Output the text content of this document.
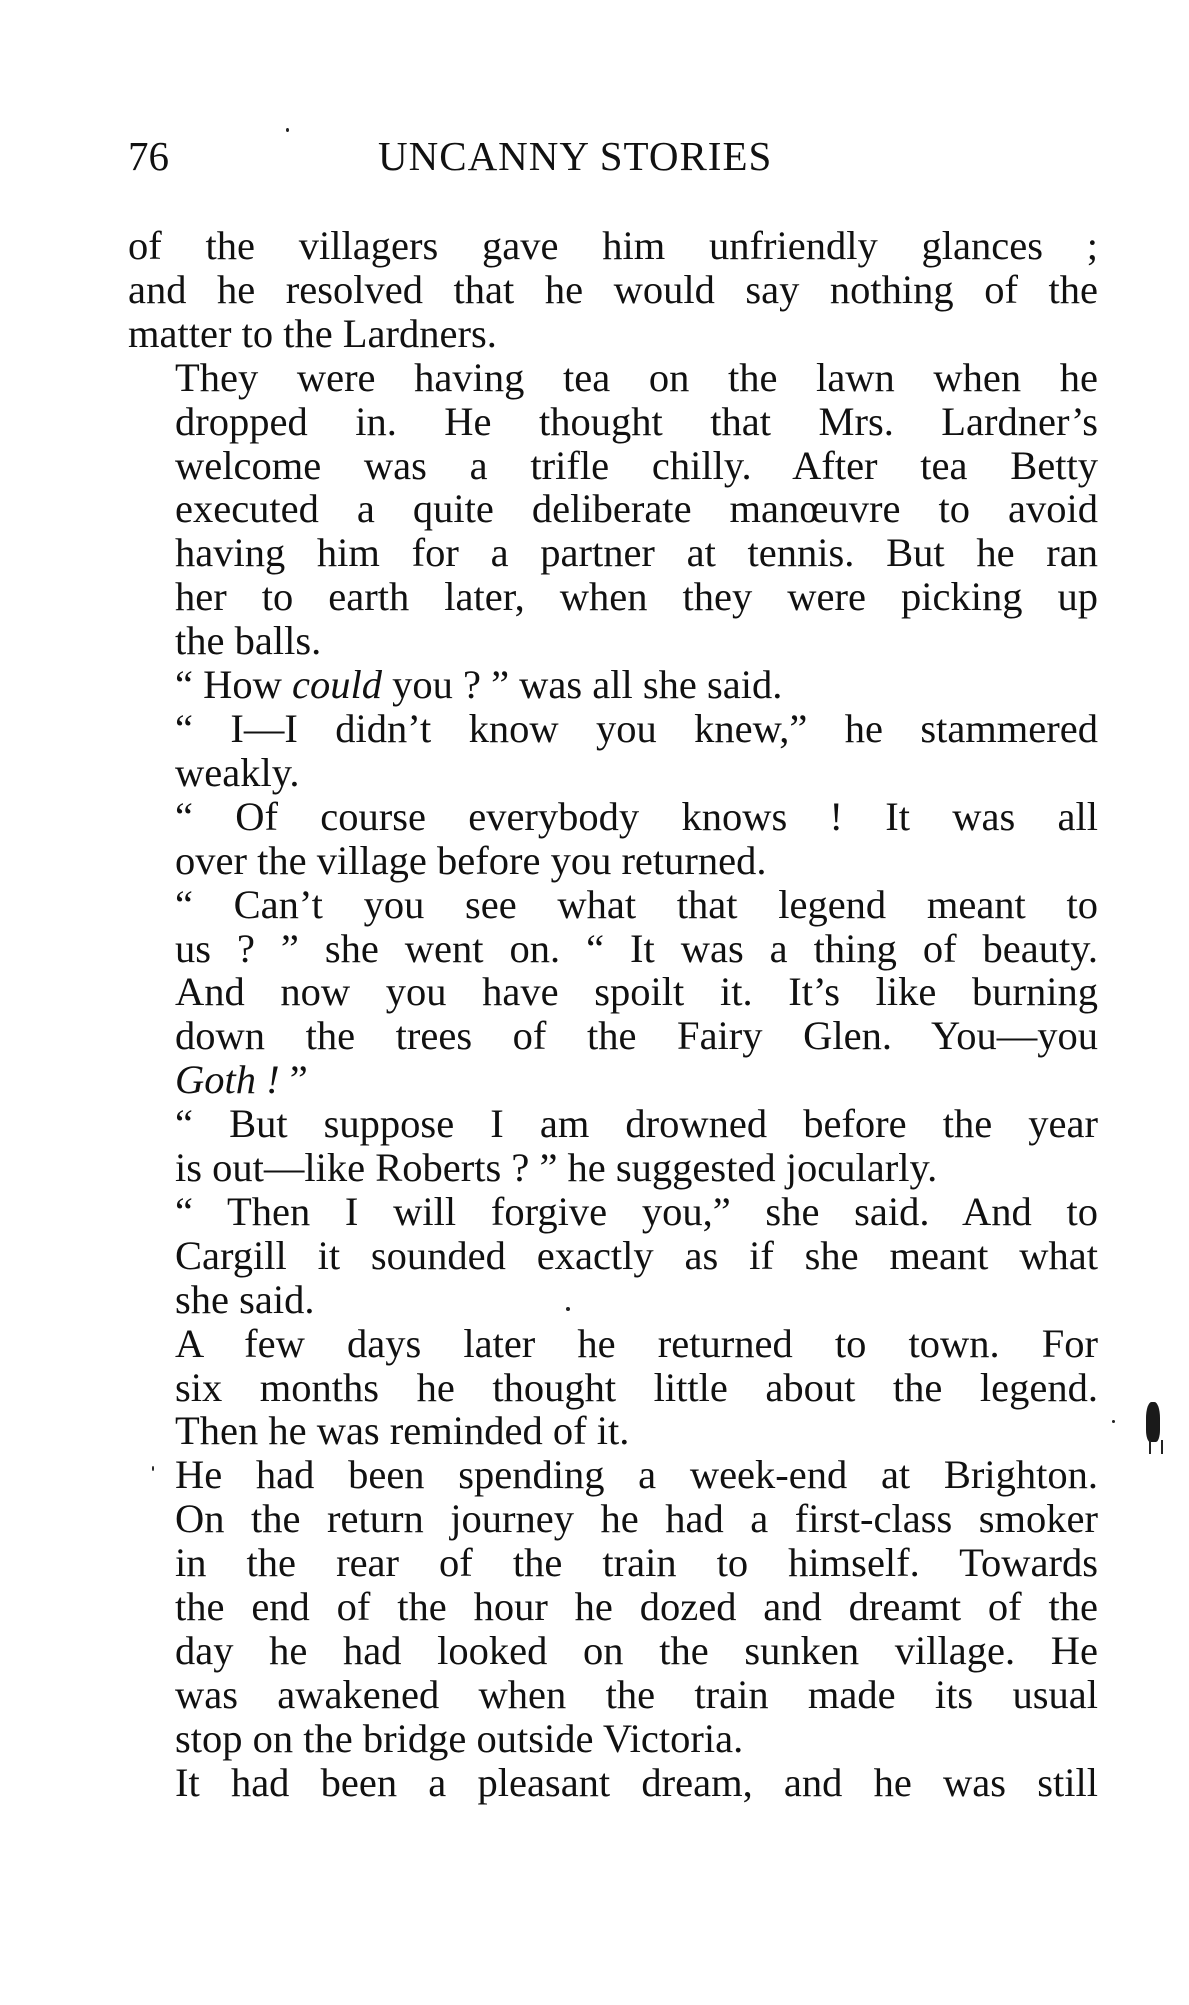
76	UNCANNY STORIES

of the villagers gave him unfriendly glances ;
and he resolved that he would say nothing of the
matter to the Lardners.

They were having tea on the lawn when he
dropped in. He thought that Mrs. Lardner’s
welcome was a trifle chilly. After tea Betty
executed a quite deliberate manœuvre to avoid
having him for a partner at tennis. But he ran
her to earth later, when they were picking up
the balls.

“ How could you ? ” was all she said.

“ I—I didn’t know you knew,” he stammered
weakly.

“ Of course everybody knows ! It was all
over the village before you returned.

“ Can’t you see what that legend meant to
us ? ” she went on. “ It was a thing of beauty.
And now you have spoilt it. It’s like burning
down the trees of the Fairy Glen. You—you
Goth ! ”

“ But suppose I am drowned before the year
is out—like Roberts ? ” he suggested jocularly.

“ Then I will forgive you,” she said. And to
Cargill it sounded exactly as if she meant what
she said.

A few days later he returned to town. For
six months he thought little about the legend.
Then he was reminded of it.

He had been spending a week-end at Brighton.
On the return journey he had a first-class smoker
in the rear of the train to himself. Towards
the end of the hour he dozed and dreamt of the
day he had looked on the sunken village. He
was awakened when the train made its usual
stop on the bridge outside Victoria.

It had been a pleasant dream, and he was still
